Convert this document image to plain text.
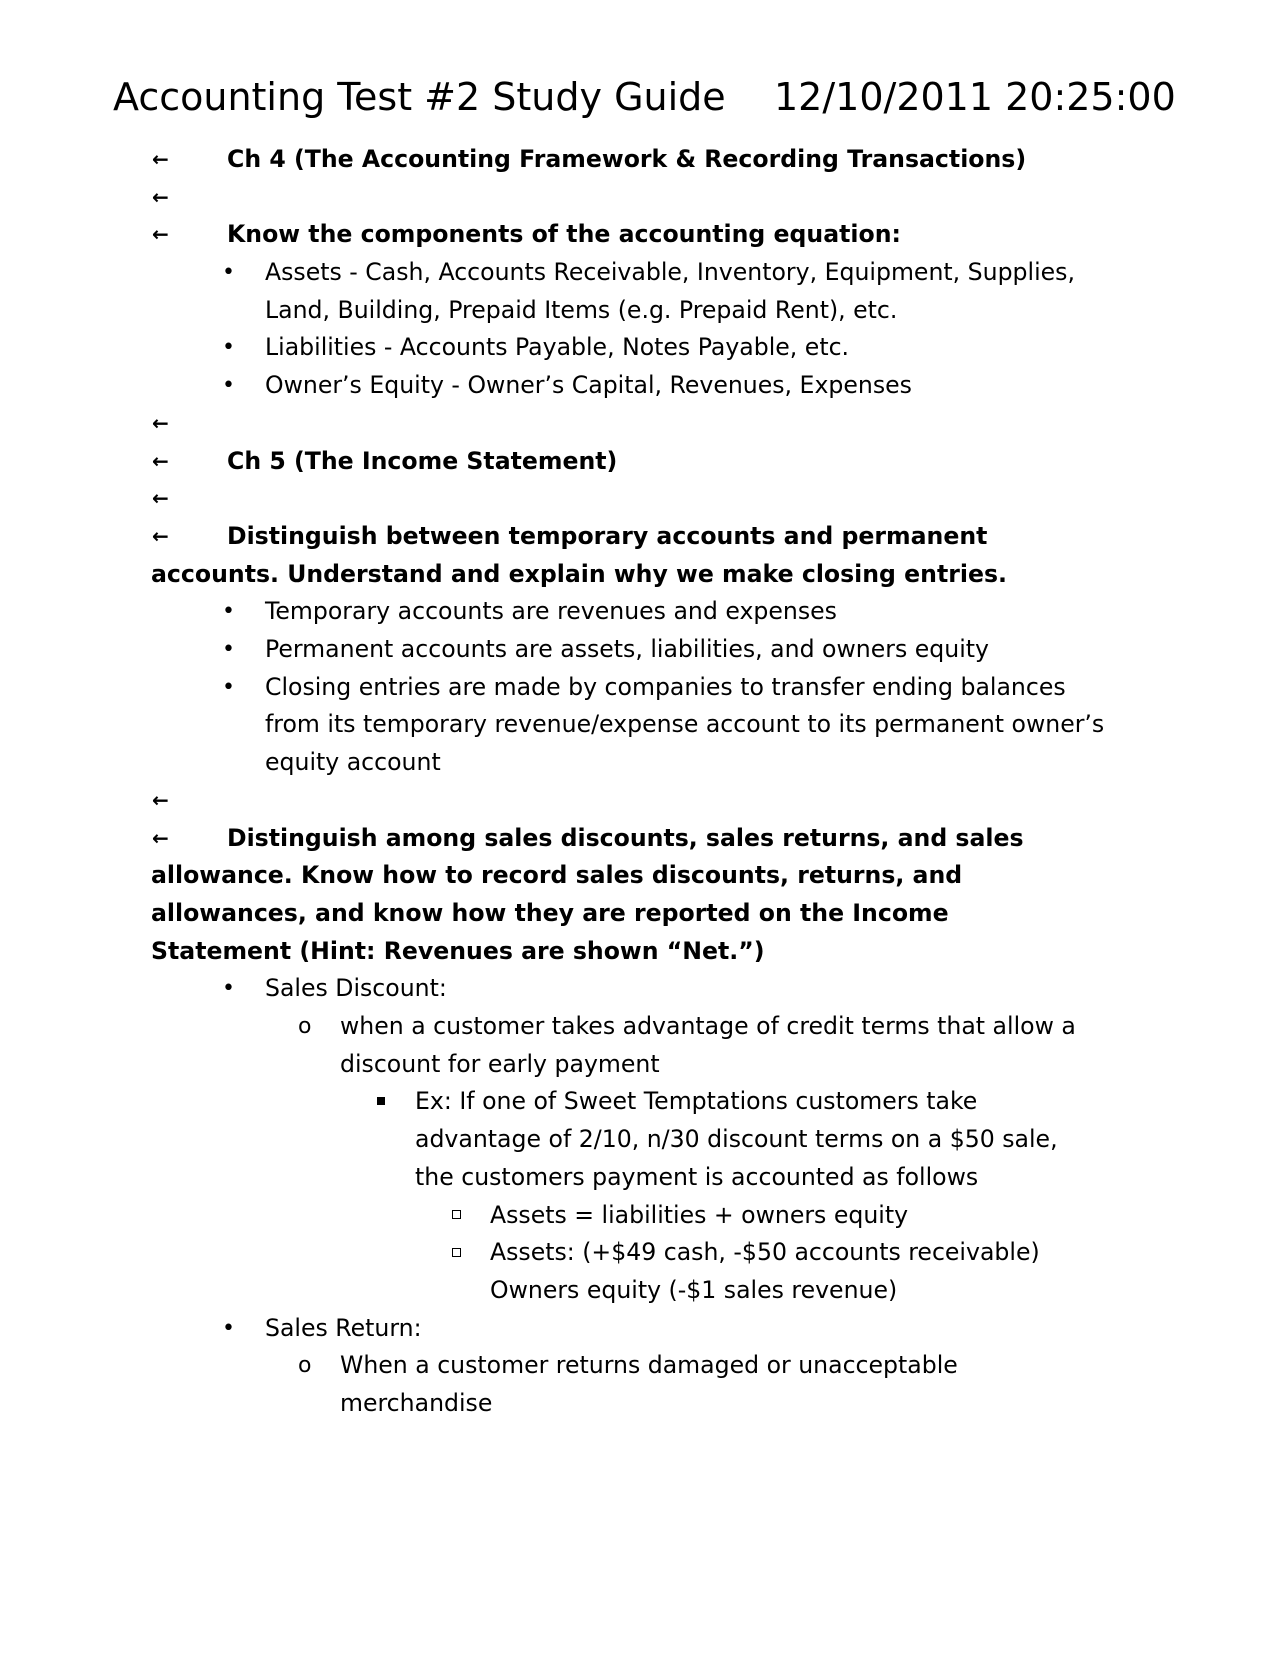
Accounting Test #2 Study Guide 12/10/2011 20:25:00
←	Ch 4 (The Accounting Framework & Recording Transactions)
←
←	Know the components of the accounting equation:
• Assets - Cash, Accounts Receivable, Inventory, Equipment, Supplies, Land, Building, Prepaid Items (e.g. Prepaid Rent), etc.
• Liabilities - Accounts Payable, Notes Payable, etc.
• Owner’s Equity - Owner’s Capital, Revenues, Expenses
←
←	Ch 5 (The Income Statement)
←
←	Distinguish between temporary accounts and permanent accounts. Understand and explain why we make closing entries.
• Temporary accounts are revenues and expenses
• Permanent accounts are assets, liabilities, and owners equity
• Closing entries are made by companies to transfer ending balances from its temporary revenue/expense account to its permanent owner’s equity account
←
←	Distinguish among sales discounts, sales returns, and sales allowance. Know how to record sales discounts, returns, and allowances, and know how they are reported on the Income Statement (Hint: Revenues are shown “Net.”)
• Sales Discount:
o when a customer takes advantage of credit terms that allow a discount for early payment
Ex: If one of Sweet Temptations customers take advantage of 2/10, n/30 discount terms on a $50 sale, the customers payment is accounted as follows
Assets = liabilities + owners equity
Assets: (+$49 cash, -$50 accounts receivable) Owners equity (-$1 sales revenue)
• Sales Return:
o When a customer returns damaged or unacceptable merchandise
